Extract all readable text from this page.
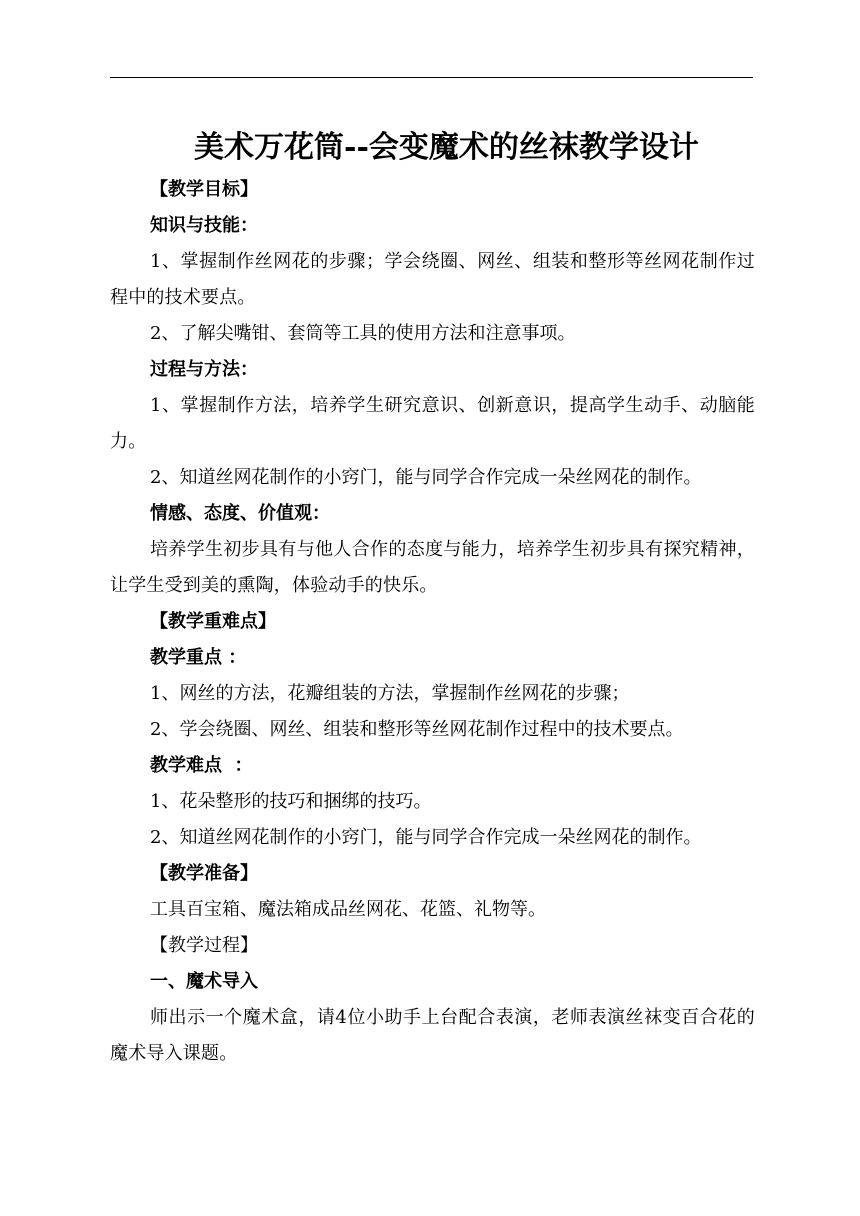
美术万花筒--会变魔术的丝袜教学设计
【教学目标】
知识与技能：

1、掌握制作丝网花的步骤；学会绕圈、网丝、组装和整形等丝网花制作过程中的技术要点。

2、了解尖嘴钳、套筒等工具的使用方法和注意事项。
过程与方法：

1、掌握制作方法，培养学生研究意识、创新意识，提高学生动手、动脑能力。

2、知道丝网花制作的小窍门，能与同学合作完成一朵丝网花的制作。
情感、态度、价值观：

培养学生初步具有与他人合作的态度与能力，培养学生初步具有探究精神，让学生受到美的熏陶，体验动手的快乐。

【教学重难点】
教学重点 ：
1、网丝的方法，花瓣组装的方法，掌握制作丝网花的步骤；
2、学会绕圈、网丝、组装和整形等丝网花制作过程中的技术要点。
教学难点  ：
1、花朵整形的技巧和捆绑的技巧。
2、知道丝网花制作的小窍门，能与同学合作完成一朵丝网花的制作。
【教学准备】
工具百宝箱、魔法箱成品丝网花、花篮、礼物等。
【教学过程】
一、魔术导入

师出示一个魔术盒，请4位小助手上台配合表演，老师表演丝袜变百合花的魔术导入课题。
